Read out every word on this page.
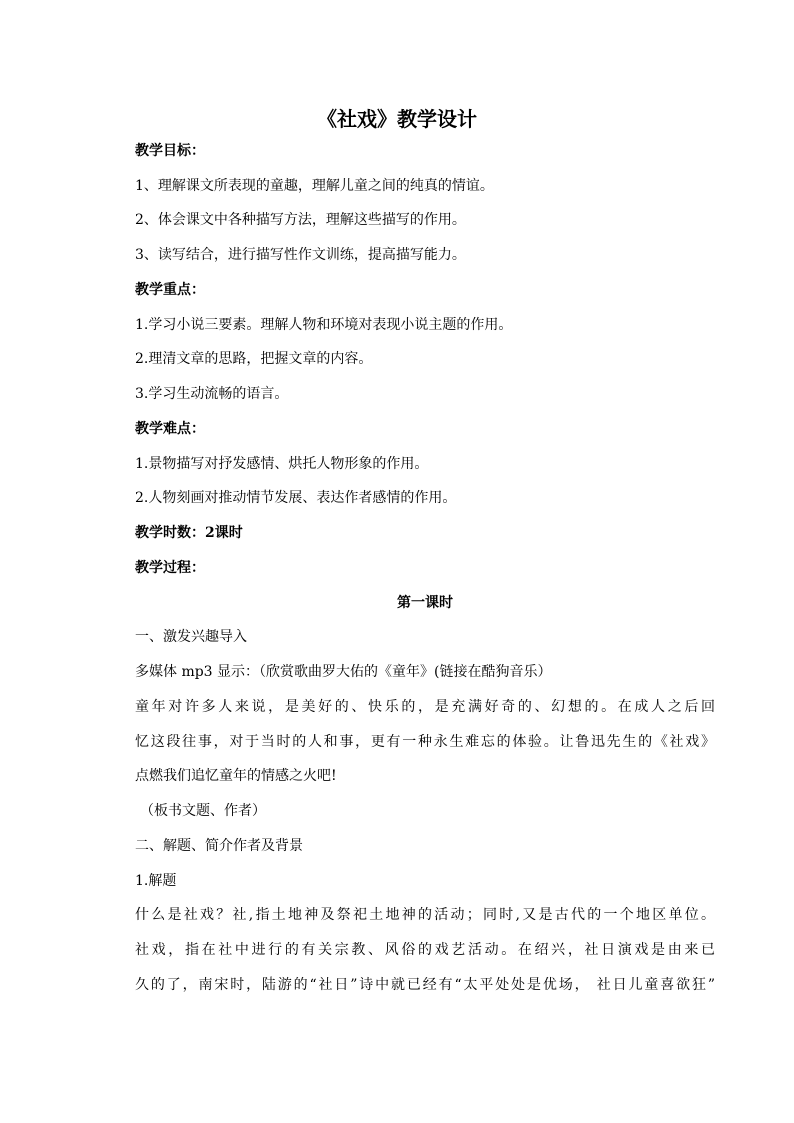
《社戏》教学设计
教学目标：
1、理解课文所表现的童趣，理解儿童之间的纯真的情谊。
2、体会课文中各种描写方法，理解这些描写的作用。
3、读写结合，进行描写性作文训练，提高描写能力。
教学重点：
1.学习小说三要素。理解人物和环境对表现小说主题的作用。
2.理清文章的思路，把握文章的内容。
3.学习生动流畅的语言。
教学难点：
1.景物描写对抒发感情、烘托人物形象的作用。
2.人物刻画对推动情节发展、表达作者感情的作用。
教学时数：2课时
教学过程：
第一课时
一、激发兴趣导入
多媒体 mp3 显示：（欣赏歌曲罗大佑的《童年》(链接在酷狗音乐）
童年对许多人来说，是美好的、快乐的，是充满好奇的、幻想的。在成人之后回
忆这段往事，对于当时的人和事，更有一种永生难忘的体验。让鲁迅先生的《社戏》
点燃我们追忆童年的情感之火吧!
（板书文题、作者）
二、解题、简介作者及背景
1.解题
什么是社戏？社,指土地神及祭祀土地神的活动；同时,又是古代的一个地区单位。
社戏，指在社中进行的有关宗教、风俗的戏艺活动。在绍兴，社日演戏是由来已
久的了，南宋时，陆游的“社日”诗中就已经有“太平处处是优场， 社日儿童喜欲狂”
